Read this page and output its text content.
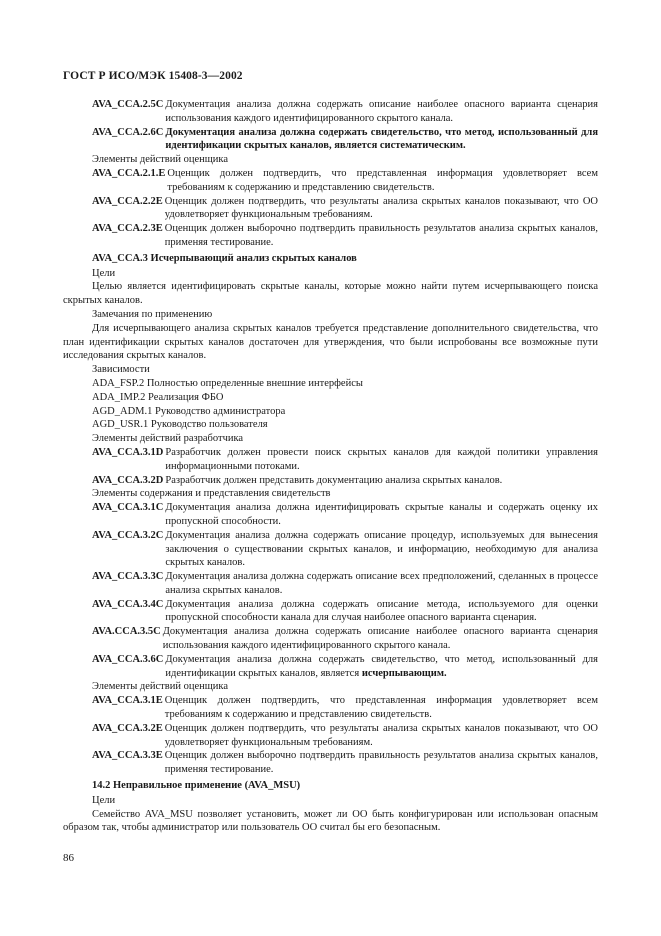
ГОСТ Р ИСО/МЭК 15408-3—2002
AVA_CCA.2.5C Документация анализа должна содержать описание наиболее опасного варианта сценария использования каждого идентифицированного скрытого канала.
AVA_CCA.2.6C Документация анализа должна содержать свидетельство, что метод, использованный для идентификации скрытых каналов, является систематическим.
Элементы действий оценщика
AVA_CCA.2.1.E Оценщик должен подтвердить, что представленная информация удовлетворяет всем требованиям к содержанию и представлению свидетельств.
AVA_CCA.2.2E Оценщик должен подтвердить, что результаты анализа скрытых каналов показывают, что ОО удовлетворяет функциональным требованиям.
AVA_CCA.2.3E Оценщик должен выборочно подтвердить правильность результатов анализа скрытых каналов, применяя тестирование.
AVA_CCA.3 Исчерпывающий анализ скрытых каналов
Цели
Целью является идентифицировать скрытые каналы, которые можно найти путем исчерпывающего поиска скрытых каналов.
Замечания по применению
Для исчерпывающего анализа скрытых каналов требуется представление дополнительного свидетельства, что план идентификации скрытых каналов достаточен для утверждения, что были испробованы все возможные пути исследования скрытых каналов.
Зависимости
ADA_FSP.2 Полностью определенные внешние интерфейсы
ADA_IMP.2 Реализация ФБО
AGD_ADM.1 Руководство администратора
AGD_USR.1 Руководство пользователя
Элементы действий разработчика
AVA_CCA.3.1D Разработчик должен провести поиск скрытых каналов для каждой политики управления информационными потоками.
AVA_CCA.3.2D Разработчик должен представить документацию анализа скрытых каналов.
Элементы содержания и представления свидетельств
AVA_CCA.3.1C Документация анализа должна идентифицировать скрытые каналы и содержать оценку их пропускной способности.
AVA_CCA.3.2C Документация анализа должна содержать описание процедур, используемых для вынесения заключения о существовании скрытых каналов, и информацию, необходимую для анализа скрытых каналов.
AVA_CCA.3.3C Документация анализа должна содержать описание всех предположений, сделанных в процессе анализа скрытых каналов.
AVA_CCA.3.4C Документация анализа должна содержать описание метода, используемого для оценки пропускной способности канала для случая наиболее опасного варианта сценария.
AVA.CCA.3.5C Документация анализа должна содержать описание наиболее опасного варианта сценария использования каждого идентифицированного скрытого канала.
AVA_CCA.3.6C Документация анализа должна содержать свидетельство, что метод, использованный для идентификации скрытых каналов, является исчерпывающим.
Элементы действий оценщика
AVA_CCA.3.1E Оценщик должен подтвердить, что представленная информация удовлетворяет всем требованиям к содержанию и представлению свидетельств.
AVA_CCA.3.2E Оценщик должен подтвердить, что результаты анализа скрытых каналов показывают, что ОО удовлетворяет функциональным требованиям.
AVA_CCA.3.3E Оценщик должен выборочно подтвердить правильность результатов анализа скрытых каналов, применяя тестирование.
14.2 Неправильное применение (AVA_MSU)
Цели
Семейство AVA_MSU позволяет установить, может ли ОО быть конфигурирован или использован опасным образом так, чтобы администратор или пользователь ОО считал бы его безопасным.
86
